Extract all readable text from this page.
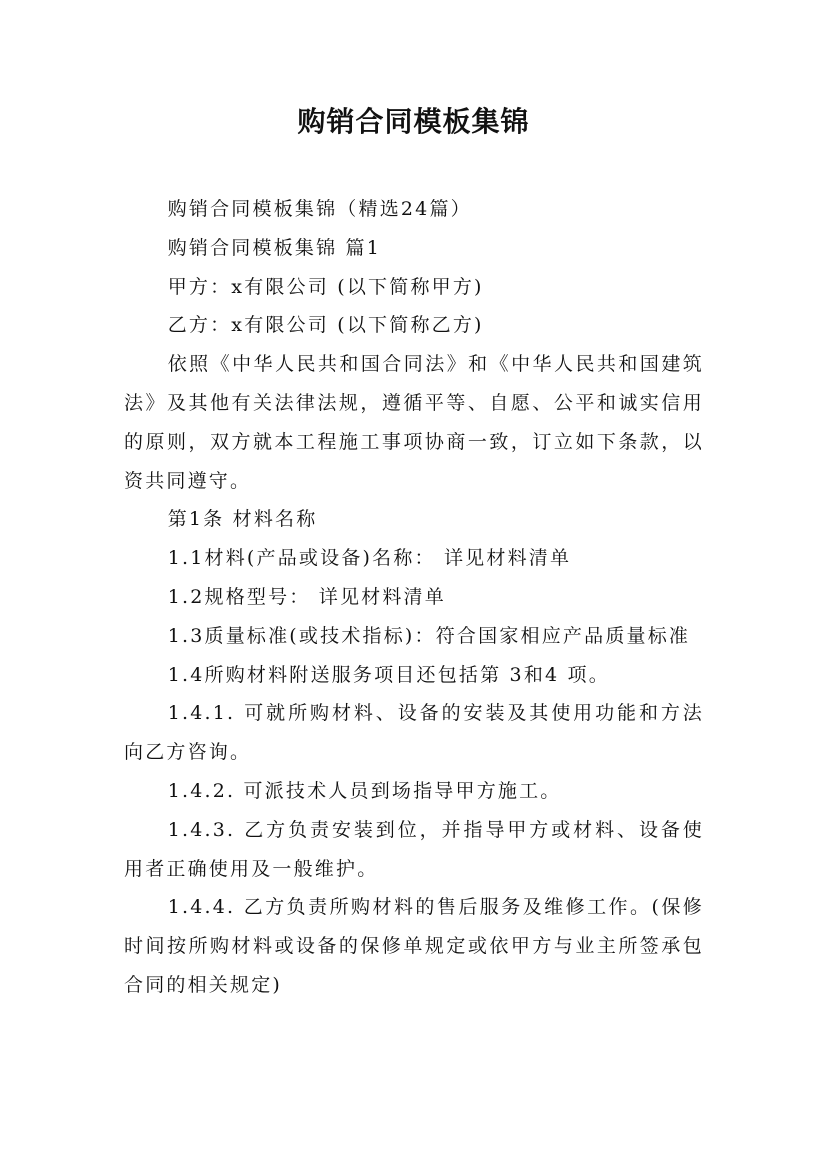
购销合同模板集锦

购销合同模板集锦（精选24篇）

购销合同模板集锦 篇1

甲方：x有限公司 (以下简称甲方)

乙方：x有限公司 (以下简称乙方)

依照《中华人民共和国合同法》和《中华人民共和国建筑法》及其他有关法律法规，遵循平等、自愿、公平和诚实信用的原则，双方就本工程施工事项协商一致，订立如下条款，以资共同遵守。

第1条 材料名称

1.1材料(产品或设备)名称： 详见材料清单

1.2规格型号： 详见材料清单

1.3质量标准(或技术指标)：符合国家相应产品质量标准

1.4所购材料附送服务项目还包括第 3和4 项。

1.4.1. 可就所购材料、设备的安装及其使用功能和方法向乙方咨询。

1.4.2. 可派技术人员到场指导甲方施工。

1.4.3. 乙方负责安装到位，并指导甲方或材料、设备使用者正确使用及一般维护。

1.4.4. 乙方负责所购材料的售后服务及维修工作。(保修时间按所购材料或设备的保修单规定或依甲方与业主所签承包合同的相关规定)
